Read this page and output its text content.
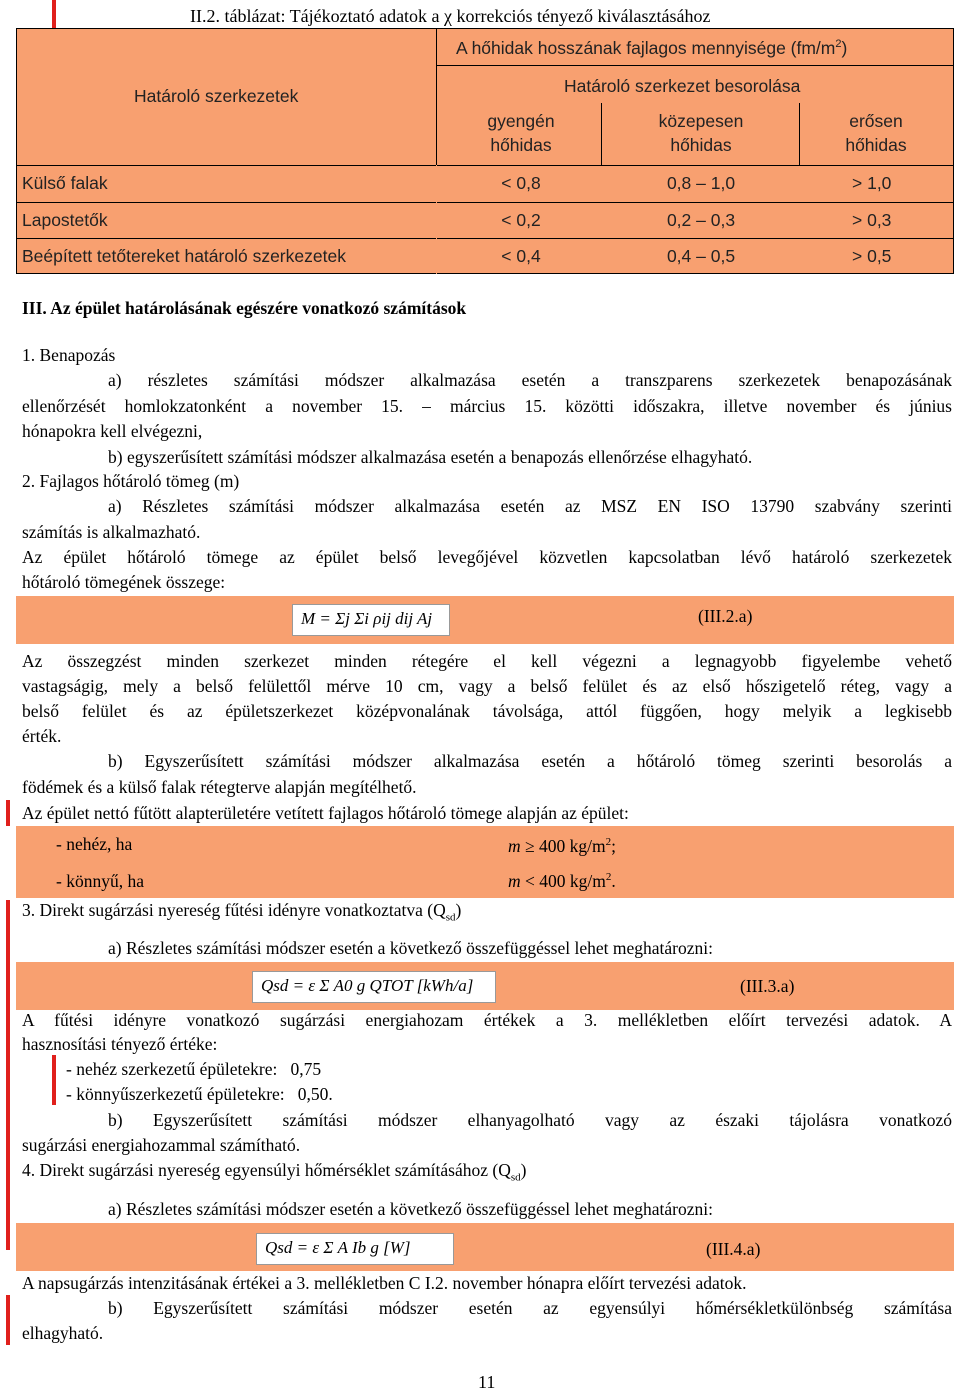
II.2. táblázat: Tájékoztató adatok a χ korrekciós tényező kiválasztásához
Határoló szerkezetek
A hőhidak hosszának fajlagos mennyisége $(fm/m^2)$
Határoló szerkezet besorolása
gyengén
hőhidas
közepesen
hőhidas
erősen
hőhidas
Külső falak	< 0,8	0,8 – 1,0	> 1,0
Lapostetők	< 0,2	0,2 – 0,3	> 0,3
Beépített tetőtereket határoló szerkezetek	< 0,4	0,4 – 0,5	> 0,5
III. Az épület határolásának egészére vonatkozó számítások
1. Benapozás
a) részletes számítási módszer alkalmazása esetén a transzparens szerkezetek benapozásának
ellenőrzését homlokzatonként a november 15. – március 15. közötti időszakra, illetve november és június
hónapokra kell elvégezni,
b) egyszerűsített számítási módszer alkalmazása esetén a benapozás ellenőrzése elhagyható.
2. Fajlagos hőtároló tömeg (m)
a) Részletes számítási módszer alkalmazása esetén az MSZ EN ISO 13790 szabvány szerinti
számítás is alkalmazható.
Az épület hőtároló tömege az épület belső levegőjével közvetlen kapcsolatban lévő határoló szerkezetek
hőtároló tömegének összege:
M = Σj Σi ρij dij Aj	(III.2.a)
Az összegzést minden szerkezet minden rétegére el kell végezni a legnagyobb figyelembe vehető
vastagságig, mely a belső felülettől mérve 10 cm, vagy a belső felület és az első hőszigetelő réteg, vagy a
belső felület és az épületszerkezet középvonalának távolsága, attól függően, hogy melyik a legkisebb
érték.
b) Egyszerűsített számítási módszer alkalmazása esetén a hőtároló tömeg szerinti besorolás a
födémek és a külső falak rétegterve alapján megítélhető.
Az épület nettó fűtött alapterületére vetített fajlagos hőtároló tömege alapján az épület:
- nehéz, ha	m ≥ 400 $kg/m^2$;
- könnyű, ha	m < 400 $kg/m^2$.
3. Direkt sugárzási nyereség fűtési idényre vonatkoztatva $(Q_{sd})$
a) Részletes számítási módszer esetén a következő összefüggéssel lehet meghatározni:
Qsd = ε Σ A0 g QTOT [kWh/a]	(III.3.a)
A fűtési idényre vonatkozó sugárzási energiahozam értékek a 3. mellékletben előírt tervezési adatok. A
hasznosítási tényező értéke:
- nehéz szerkezetű épületekre:   0,75
- könnyűszerkezetű épületekre:   0,50.
b) Egyszerűsített számítási módszer elhanyagolható vagy az északi tájolásra vonatkozó
sugárzási energiahozammal számítható.
4. Direkt sugárzási nyereség egyensúlyi hőmérséklet számításához $(Q_{sd})$
a) Részletes számítási módszer esetén a következő összefüggéssel lehet meghatározni:
Qsd = ε Σ A Ib g [W]	(III.4.a)
A napsugárzás intenzitásának értékei a 3. mellékletben C I.2. november hónapra előírt tervezési adatok.
b) Egyszerűsített számítási módszer esetén az egyensúlyi hőmérsékletkülönbség számítása
elhagyható.
11
